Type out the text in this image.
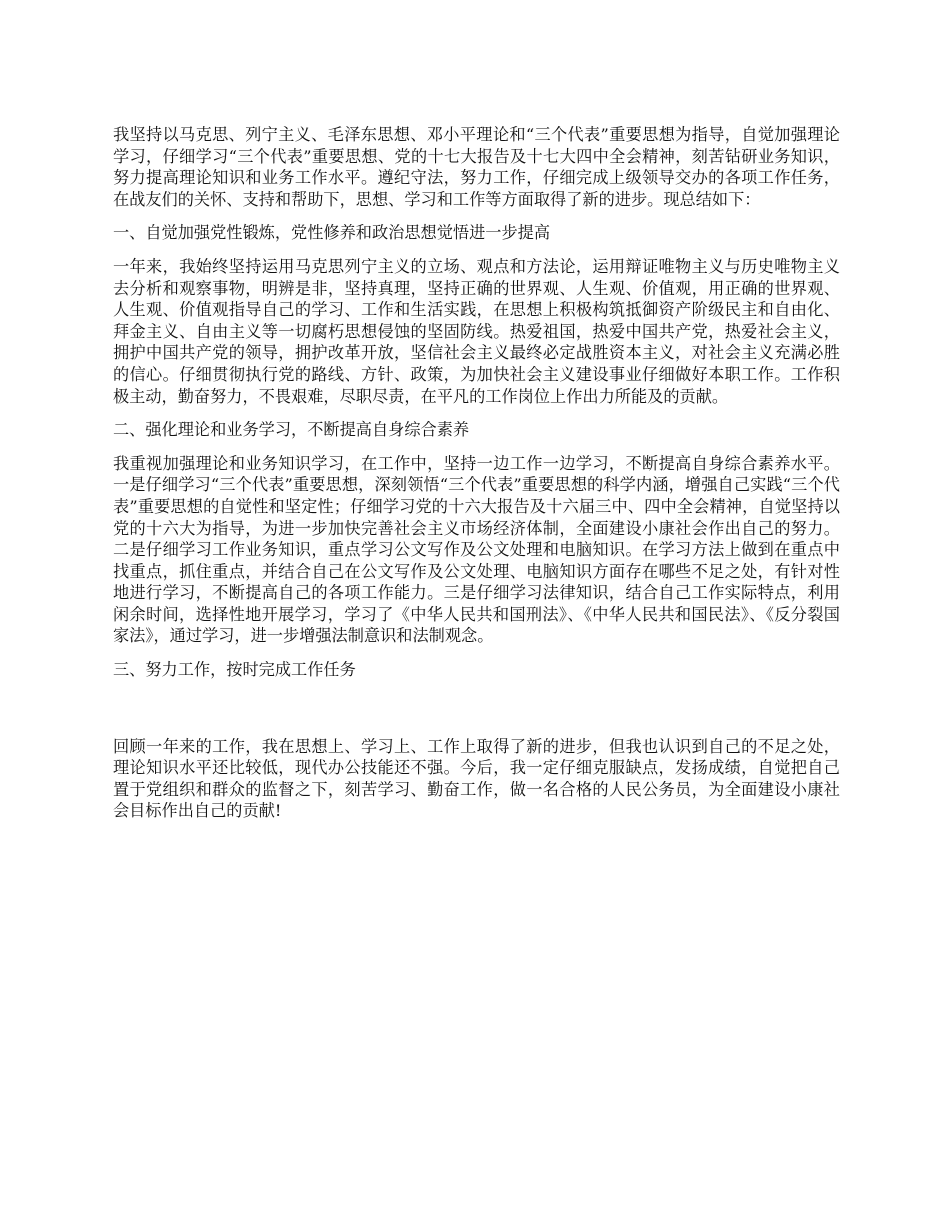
我坚持以马克思、列宁主义、毛泽东思想、邓小平理论和“三个代表”重要思想为指导，自觉加强理论学习，仔细学习“三个代表”重要思想、党的十七大报告及十七大四中全会精神，刻苦钻研业务知识，努力提高理论知识和业务工作水平。遵纪守法，努力工作，仔细完成上级领导交办的各项工作任务，在战友们的关怀、支持和帮助下，思想、学习和工作等方面取得了新的进步。现总结如下：

一、自觉加强党性锻炼，党性修养和政治思想觉悟进一步提高

一年来，我始终坚持运用马克思列宁主义的立场、观点和方法论，运用辩证唯物主义与历史唯物主义去分析和观察事物，明辨是非，坚持真理，坚持正确的世界观、人生观、价值观，用正确的世界观、人生观、价值观指导自己的学习、工作和生活实践，在思想上积极构筑抵御资产阶级民主和自由化、拜金主义、自由主义等一切腐朽思想侵蚀的坚固防线。热爱祖国，热爱中国共产党，热爱社会主义，拥护中国共产党的领导，拥护改革开放，坚信社会主义最终必定战胜资本主义，对社会主义充满必胜的信心。仔细贯彻执行党的路线、方针、政策，为加快社会主义建设事业仔细做好本职工作。工作积极主动，勤奋努力，不畏艰难，尽职尽责，在平凡的工作岗位上作出力所能及的贡献。

二、强化理论和业务学习，不断提高自身综合素养

我重视加强理论和业务知识学习，在工作中，坚持一边工作一边学习，不断提高自身综合素养水平。一是仔细学习“三个代表”重要思想，深刻领悟“三个代表”重要思想的科学内涵，增强自己实践“三个代表”重要思想的自觉性和坚定性；仔细学习党的十六大报告及十六届三中、四中全会精神，自觉坚持以党的十六大为指导，为进一步加快完善社会主义市场经济体制，全面建设小康社会作出自己的努力。二是仔细学习工作业务知识，重点学习公文写作及公文处理和电脑知识。在学习方法上做到在重点中找重点，抓住重点，并结合自己在公文写作及公文处理、电脑知识方面存在哪些不足之处，有针对性地进行学习，不断提高自己的各项工作能力。三是仔细学习法律知识，结合自己工作实际特点，利用闲余时间，选择性地开展学习，学习了《中华人民共和国刑法》、《中华人民共和国民法》、《反分裂国家法》，通过学习，进一步增强法制意识和法制观念。

三、努力工作，按时完成工作任务

回顾一年来的工作，我在思想上、学习上、工作上取得了新的进步，但我也认识到自己的不足之处，理论知识水平还比较低，现代办公技能还不强。今后，我一定仔细克服缺点，发扬成绩，自觉把自己置于党组织和群众的监督之下，刻苦学习、勤奋工作，做一名合格的人民公务员，为全面建设小康社会目标作出自己的贡献!
